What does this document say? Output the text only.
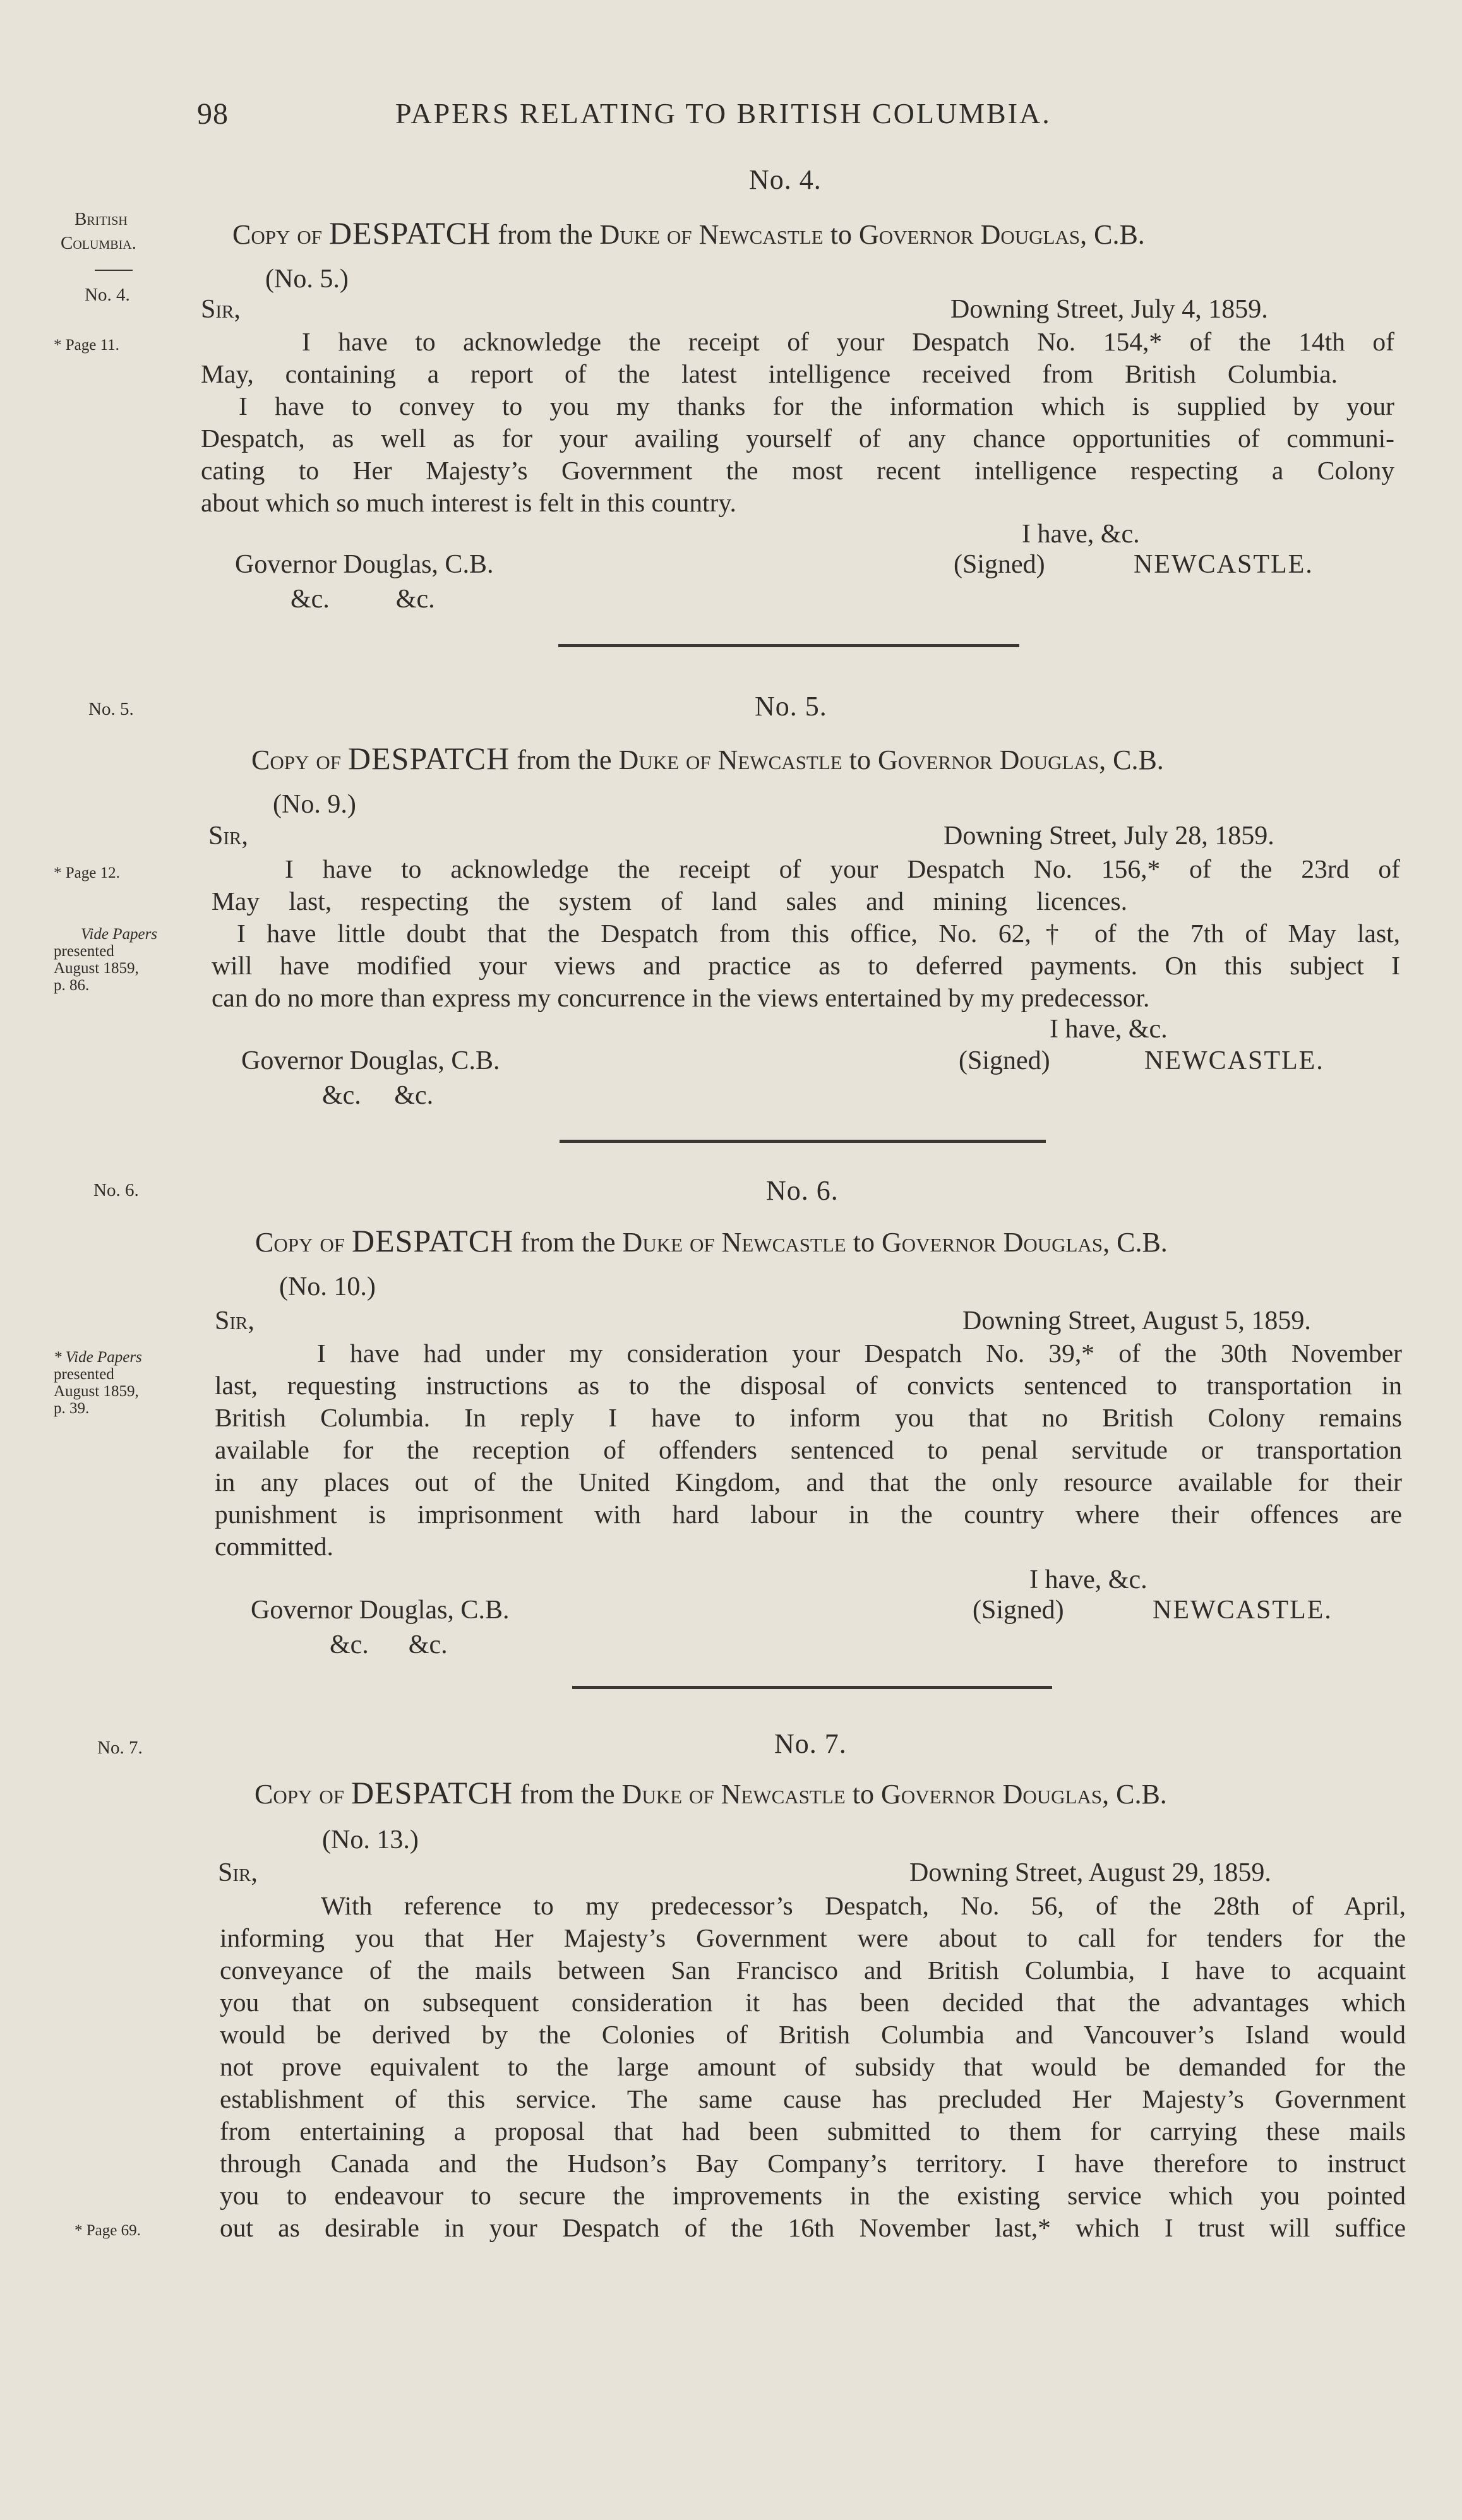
98	PAPERS RELATING TO BRITISH COLUMBIA.
British
Columbia.
No. 4.
No. 4.
Copy of DESPATCH from the Duke of Newcastle to Governor Douglas, C.B.
(No. 5.)
Sir,	Downing Street, July 4, 1859.
* Page 11.	I have to acknowledge the receipt of your Despatch No. 154,* of the 14th of

May, containing a report of the latest intelligence received from British Columbia.

I have to convey to you my thanks for the information which is supplied by your

Despatch, as well as for your availing yourself of any chance opportunities of communi-

cating to Her Majesty’s Government the most recent intelligence respecting a Colony

about which so much interest is felt in this country.

I have, &c.
Governor Douglas, C.B.
&c.          &c.
(Signed)	NEWCASTLE.
No. 5.
No. 5.
Copy of DESPATCH from the Duke of Newcastle to Governor Douglas, C.B.
(No. 9.)
Sir,	Downing Street, July 28, 1859.
* Page 12.
Vide Papers
presented
August 1859,
p. 86.

I have to acknowledge the receipt of your Despatch No. 156,* of the 23rd of

May last, respecting the system of land sales and mining licences.

I have little doubt that the Despatch from this office, No. 62,† of the 7th of May last,

will have modified your views and practice as to deferred payments. On this subject I

can do no more than express my concurrence in the views entertained by my predecessor.

I have, &c.
Governor Douglas, C.B.
&c.     &c.
(Signed)	NEWCASTLE.
No. 6.
No. 6.
Copy of DESPATCH from the Duke of Newcastle to Governor Douglas, C.B.
(No. 10.)
Sir,	Downing Street, August 5, 1859.
* Vide Papers
presented
August 1859,
p. 39.

I have had under my consideration your Despatch No. 39,* of the 30th November

last, requesting instructions as to the disposal of convicts sentenced to transportation in

British Columbia. In reply I have to inform you that no British Colony remains

available for the reception of offenders sentenced to penal servitude or transportation

in any places out of the United Kingdom, and that the only resource available for their

punishment is imprisonment with hard labour in the country where their offences are

committed.

I have, &c.
Governor Douglas, C.B.
&c.      &c.
(Signed)	NEWCASTLE.
No. 7.
No. 7.
Copy of DESPATCH from the Duke of Newcastle to Governor Douglas, C.B.
(No. 13.)
Sir,	Downing Street, August 29, 1859.

With reference to my predecessor’s Despatch, No. 56, of the 28th of April,

informing you that Her Majesty’s Government were about to call for tenders for the

conveyance of the mails between San Francisco and British Columbia, I have to acquaint

you that on subsequent consideration it has been decided that the advantages which

would be derived by the Colonies of British Columbia and Vancouver’s Island would

not prove equivalent to the large amount of subsidy that would be demanded for the

establishment of this service. The same cause has precluded Her Majesty’s Government

from entertaining a proposal that had been submitted to them for carrying these mails

through Canada and the Hudson’s Bay Company’s territory. I have therefore to instruct

you to endeavour to secure the improvements in the existing service which you pointed

out as desirable in your Despatch of the 16th November last,* which I trust will suffice

* Page 69.
